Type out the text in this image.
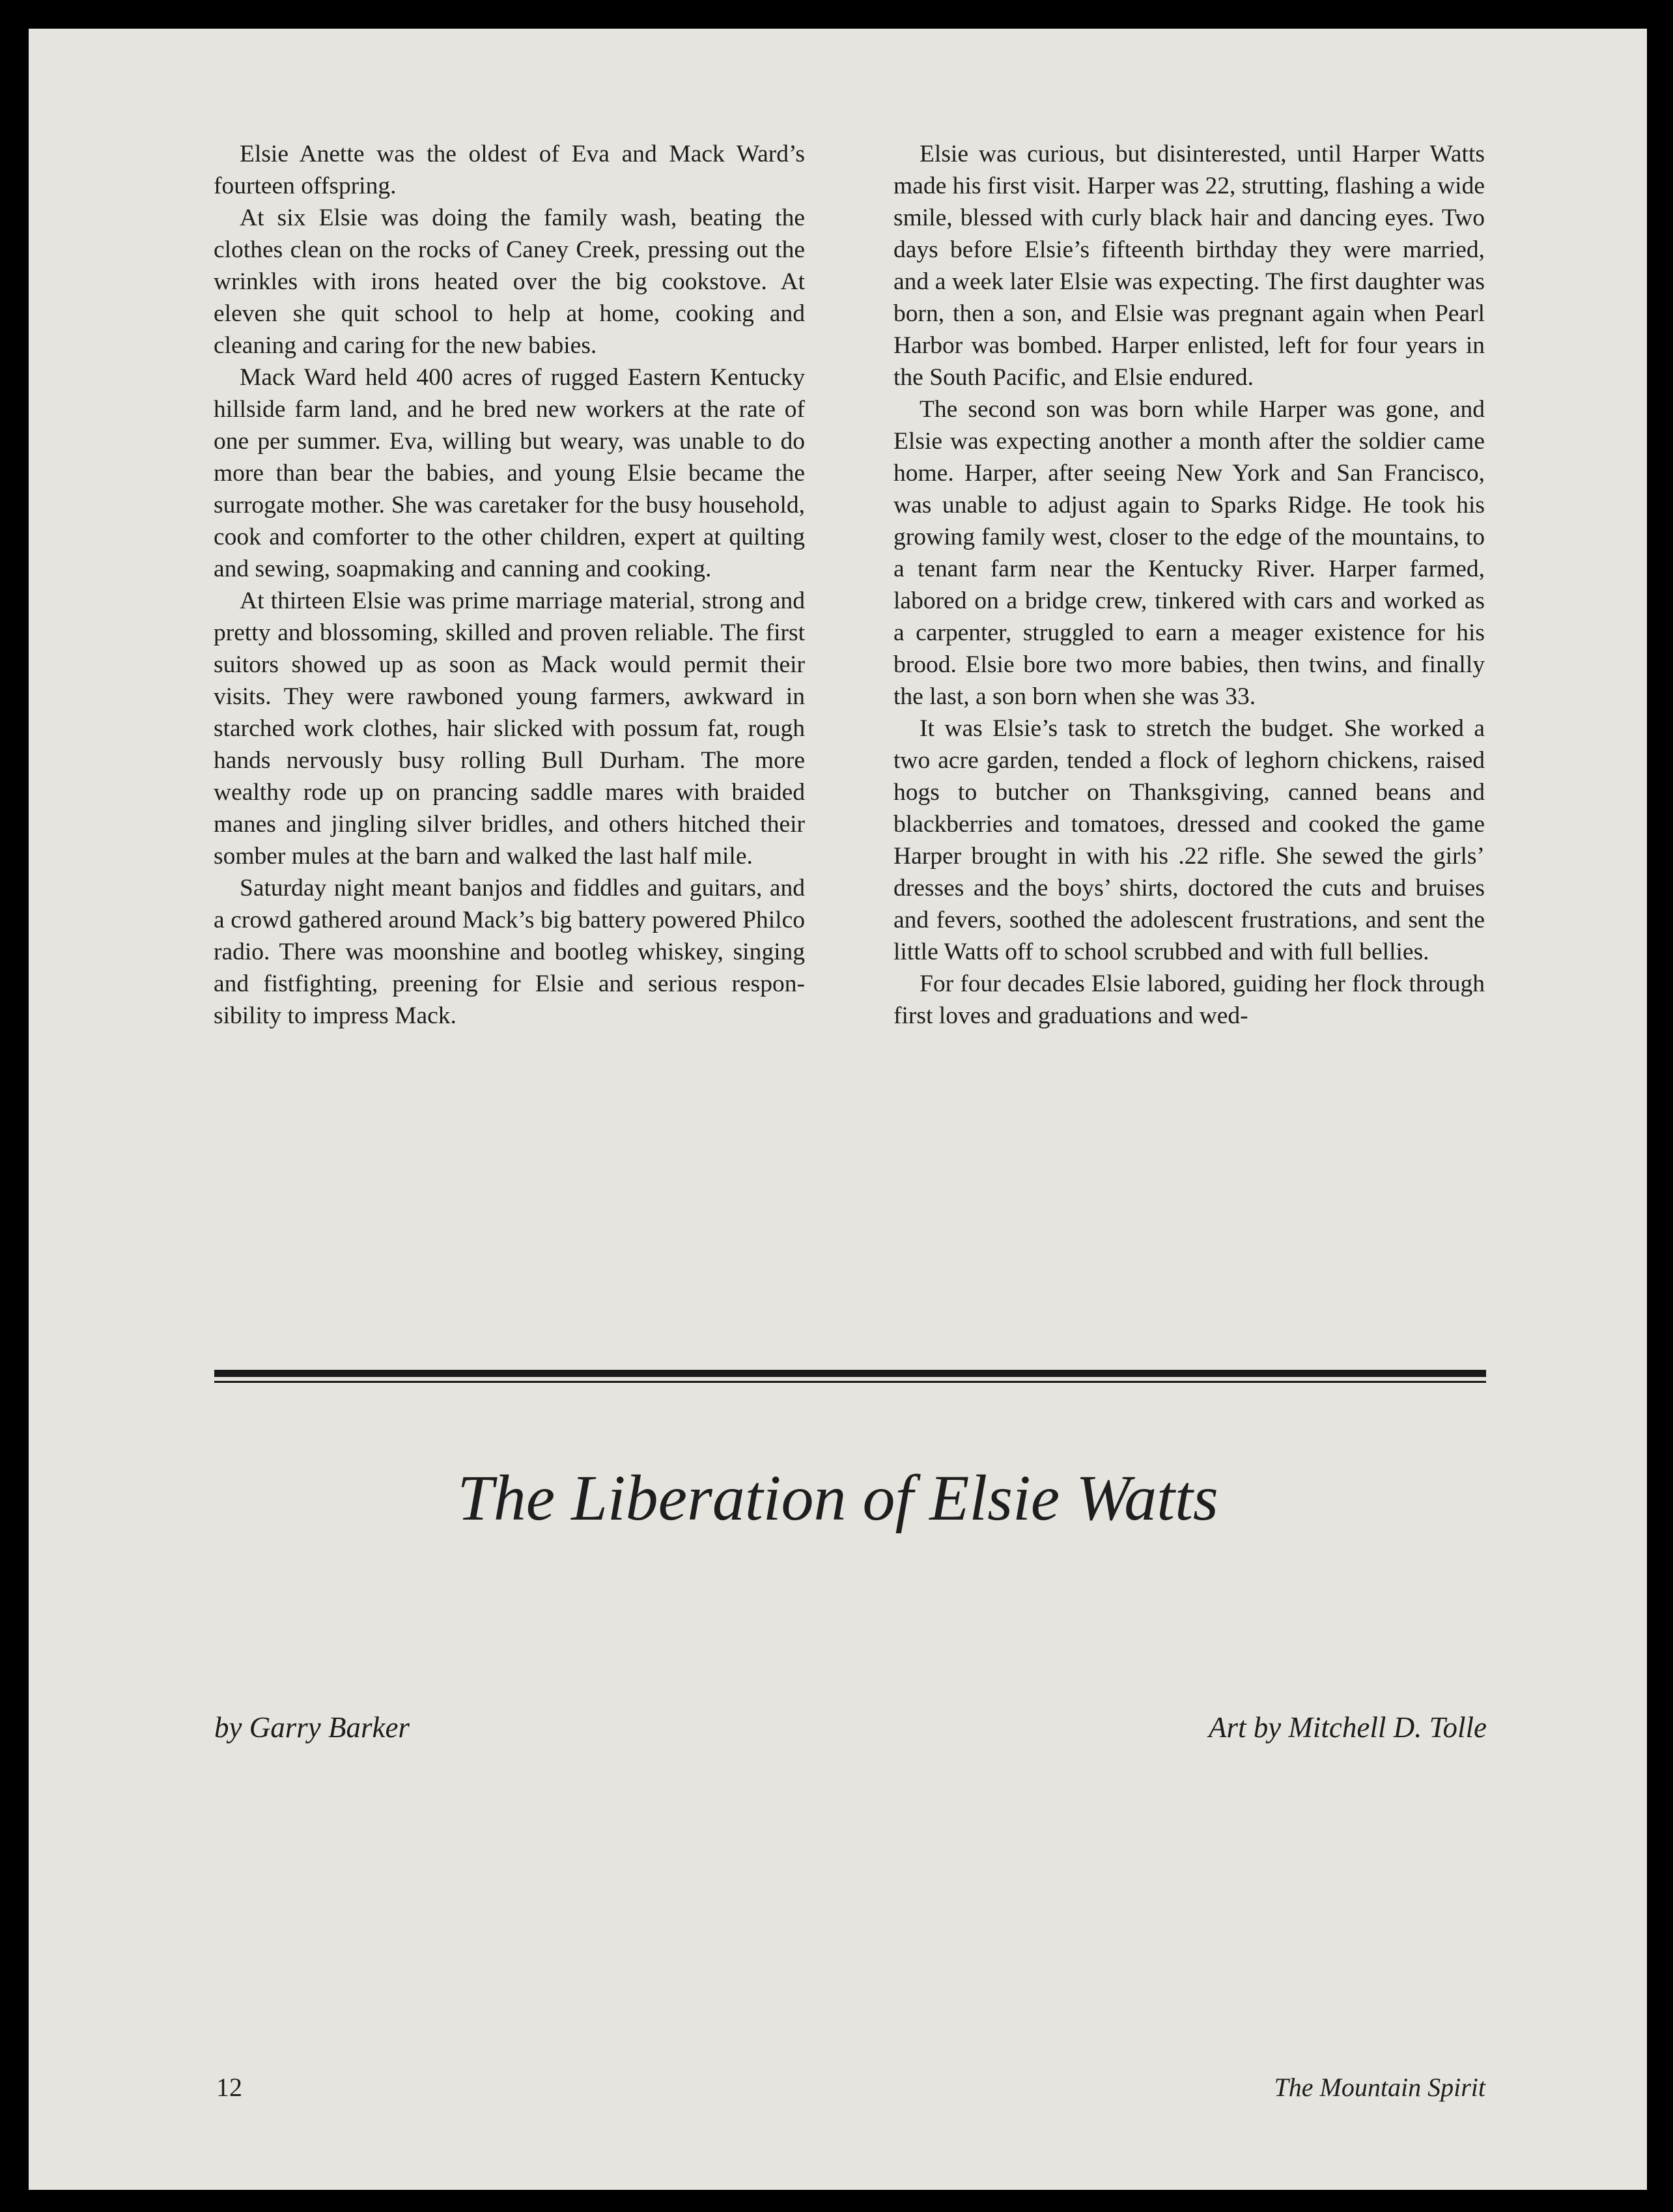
Elsie Anette was the oldest of Eva and Mack Ward’s fourteen offspring.

At six Elsie was doing the family wash, beating the clothes clean on the rocks of Caney Creek, pressing out the wrinkles with irons heated over the big cookstove. At eleven she quit school to help at home, cooking and cleaning and caring for the new babies.

Mack Ward held 400 acres of rugged Eastern Kentucky hillside farm land, and he bred new workers at the rate of one per summer. Eva, willing but weary, was unable to do more than bear the babies, and young Elsie became the surrogate mother. She was caretaker for the busy household, cook and comforter to the other children, expert at quilting and sewing, soapmaking and canning and cooking.

At thirteen Elsie was prime marriage material, strong and pretty and blossoming, skilled and proven reliable. The first suitors showed up as soon as Mack would permit their visits. They were rawboned young farmers, awkward in starched work clothes, hair slicked with possum fat, rough hands nervously busy rolling Bull Durham. The more wealthy rode up on prancing saddle mares with braided manes and jingling silver bridles, and others hitched their somber mules at the barn and walked the last half mile.

Saturday night meant banjos and fiddles and guitars, and a crowd gathered around Mack’s big battery powered Philco radio. There was moonshine and bootleg whiskey, singing and fistfighting, preening for Elsie and serious responsibility to impress Mack.

Elsie was curious, but disinterested, until Harper Watts made his first visit. Harper was 22, strutting, flashing a wide smile, blessed with curly black hair and dancing eyes. Two days before Elsie’s fifteenth birthday they were married, and a week later Elsie was expecting. The first daughter was born, then a son, and Elsie was pregnant again when Pearl Harbor was bombed. Harper enlisted, left for four years in the South Pacific, and Elsie endured.

The second son was born while Harper was gone, and Elsie was expecting another a month after the soldier came home. Harper, after seeing New York and San Francisco, was unable to adjust again to Sparks Ridge. He took his growing family west, closer to the edge of the mountains, to a tenant farm near the Kentucky River. Harper farmed, labored on a bridge crew, tinkered with cars and worked as a carpenter, struggled to earn a meager existence for his brood. Elsie bore two more babies, then twins, and finally the last, a son born when she was 33.

It was Elsie’s task to stretch the budget. She worked a two acre garden, tended a flock of leghorn chickens, raised hogs to butcher on Thanksgiving, canned beans and blackberries and tomatoes, dressed and cooked the game Harper brought in with his .22 rifle. She sewed the girls’ dresses and the boys’ shirts, doctored the cuts and bruises and fevers, soothed the adolescent frustrations, and sent the little Watts off to school scrubbed and with full bellies.

For four decades Elsie labored, guiding her flock through first loves and graduations and wed-

The Liberation of Elsie Watts
by Garry Barker	Art by Mitchell D. Tolle
12	The Mountain Spirit
